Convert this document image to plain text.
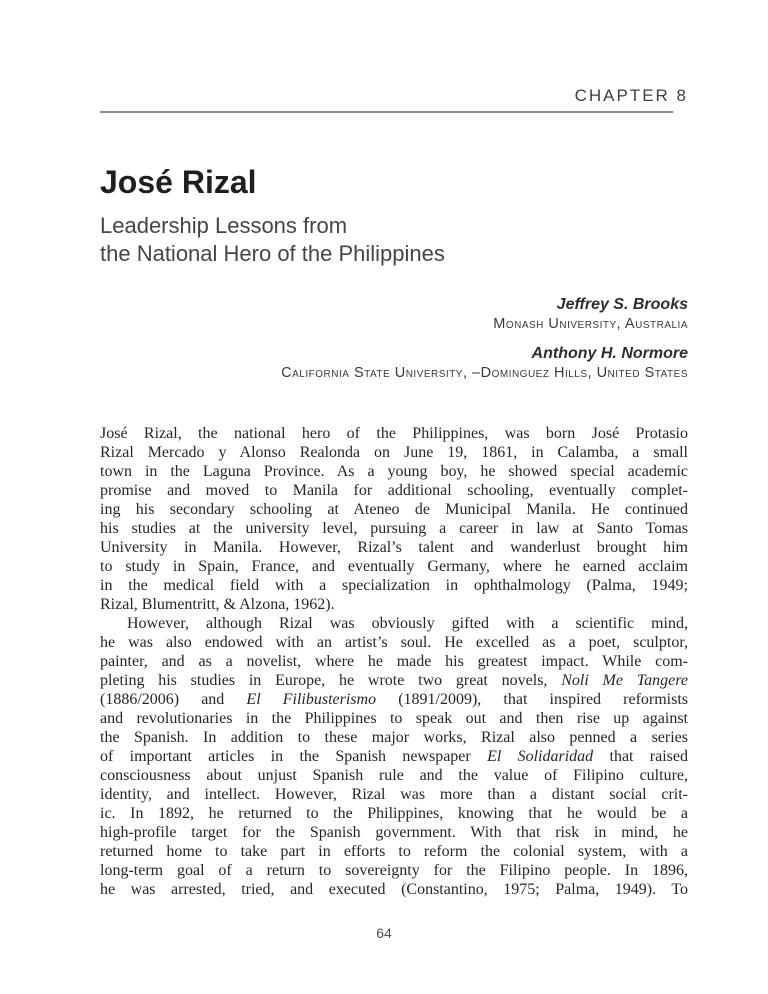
CHAPTER 8
José Rizal
Leadership Lessons from
the National Hero of the Philippines
Jeffrey S. Brooks
Monash University, Australia
Anthony H. Normore
California State University, –Dominguez Hills, United States
José Rizal, the national hero of the Philippines, was born José Protasio
Rizal Mercado y Alonso Realonda on June 19, 1861, in Calamba, a small
town in the Laguna Province. As a young boy, he showed special academic
promise and moved to Manila for additional schooling, eventually complet-
ing his secondary schooling at Ateneo de Municipal Manila. He continued
his studies at the university level, pursuing a career in law at Santo Tomas
University in Manila. However, Rizal’s talent and wanderlust brought him
to study in Spain, France, and eventually Germany, where he earned acclaim
in the medical field with a specialization in ophthalmology (Palma, 1949;
Rizal, Blumentritt, & Alzona, 1962).
However, although Rizal was obviously gifted with a scientific mind,
he was also endowed with an artist’s soul. He excelled as a poet, sculptor,
painter, and as a novelist, where he made his greatest impact. While com-
pleting his studies in Europe, he wrote two great novels, Noli Me Tangere
(1886/2006) and El Filibusterismo (1891/2009), that inspired reformists
and revolutionaries in the Philippines to speak out and then rise up against
the Spanish. In addition to these major works, Rizal also penned a series
of important articles in the Spanish newspaper El Solidaridad that raised
consciousness about unjust Spanish rule and the value of Filipino culture,
identity, and intellect. However, Rizal was more than a distant social crit-
ic. In 1892, he returned to the Philippines, knowing that he would be a
high-profile target for the Spanish government. With that risk in mind, he
returned home to take part in efforts to reform the colonial system, with a
long-term goal of a return to sovereignty for the Filipino people. In 1896,
he was arrested, tried, and executed (Constantino, 1975; Palma, 1949). To
64
